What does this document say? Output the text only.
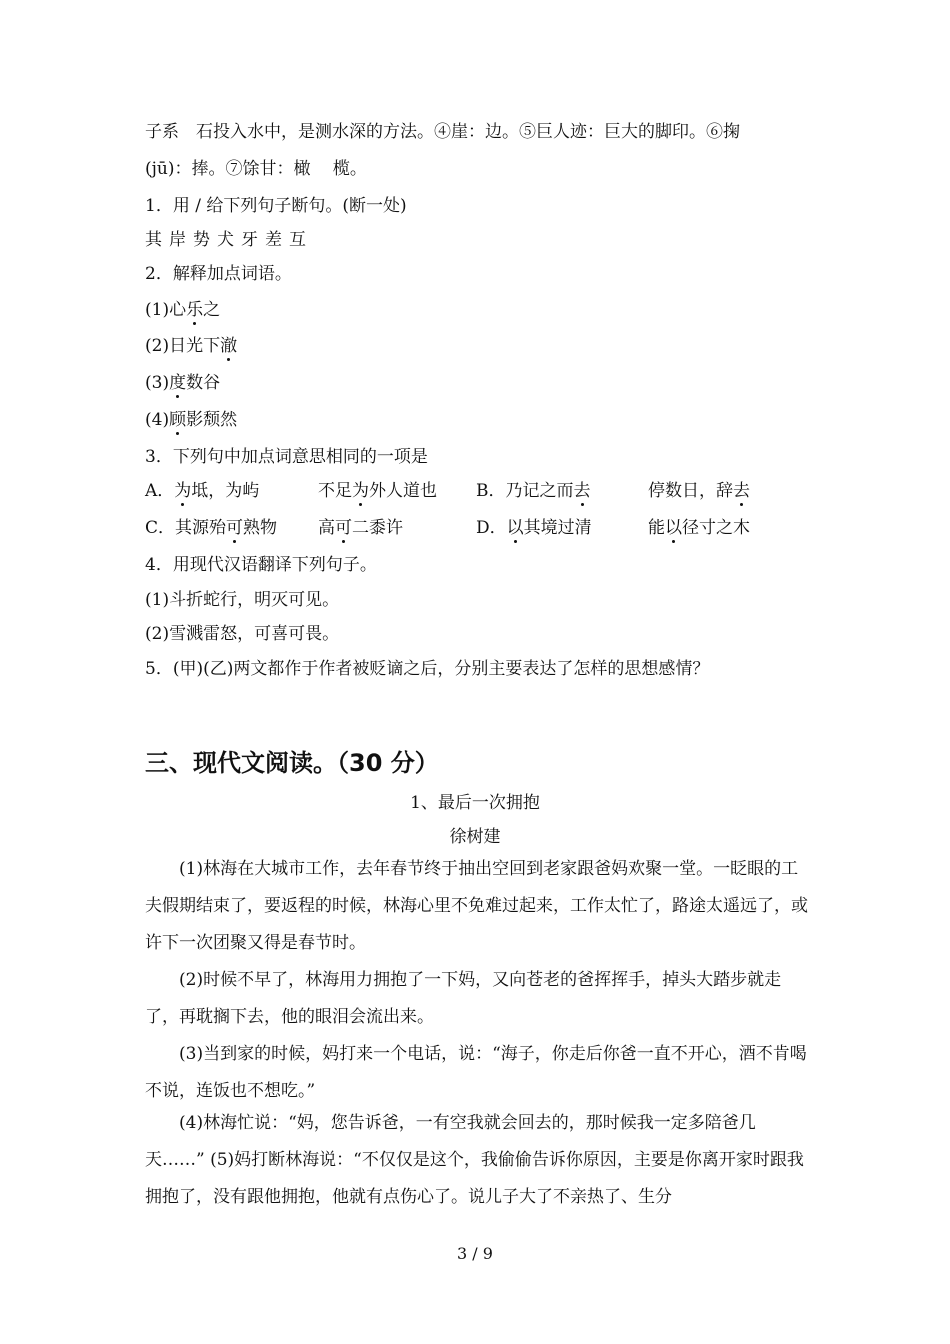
子系　石投入水中，是测水深的方法。④崖：边。⑤巨人迹：巨大的脚印。⑥掬
(jū)：捧。⑦馀甘：橄　 榄。
1．用 / 给下列句子断句。(断一处)
其岸势犬牙差互
2．解释加点词语。
(1)心乐之
(2)日光下澈
(3)度数谷
(4)顾影颓然
3．下列句中加点词意思相同的一项是
A．为坻，为屿	不足为外人道也 B．乃记之而去	停数日，辞去
C．其源殆可熟物 高可二黍许	D．以其境过清	能以径寸之木
4．用现代汉语翻译下列句子。
(1)斗折蛇行，明灭可见。
(2)雪溅雷怒，可喜可畏。
5．(甲)(乙)两文都作于作者被贬谪之后，分别主要表达了怎样的思想感情？
三、现代文阅读。（30 分）
1、最后一次拥抱
徐树建
(1)林海在大城市工作，去年春节终于抽出空回到老家跟爸妈欢聚一堂。一眨眼的工夫假期结束了，要返程的时候，林海心里不免难过起来，工作太忙了，路途太遥远了，或许下一次团聚又得是春节时。
(2)时候不早了，林海用力拥抱了一下妈，又向苍老的爸挥挥手，掉头大踏步就走了，再耽搁下去，他的眼泪会流出来。
(3)当到家的时候，妈打来一个电话，说：“海子，你走后你爸一直不开心，酒不肯喝不说，连饭也不想吃。”
(4)林海忙说：“妈，您告诉爸，一有空我就会回去的，那时候我一定多陪爸几天……” (5)妈打断林海说：“不仅仅是这个，我偷偷告诉你原因，主要是你离开家时跟我拥抱了，没有跟他拥抱，他就有点伤心了。说儿子大了不亲热了、生分
3 / 9
